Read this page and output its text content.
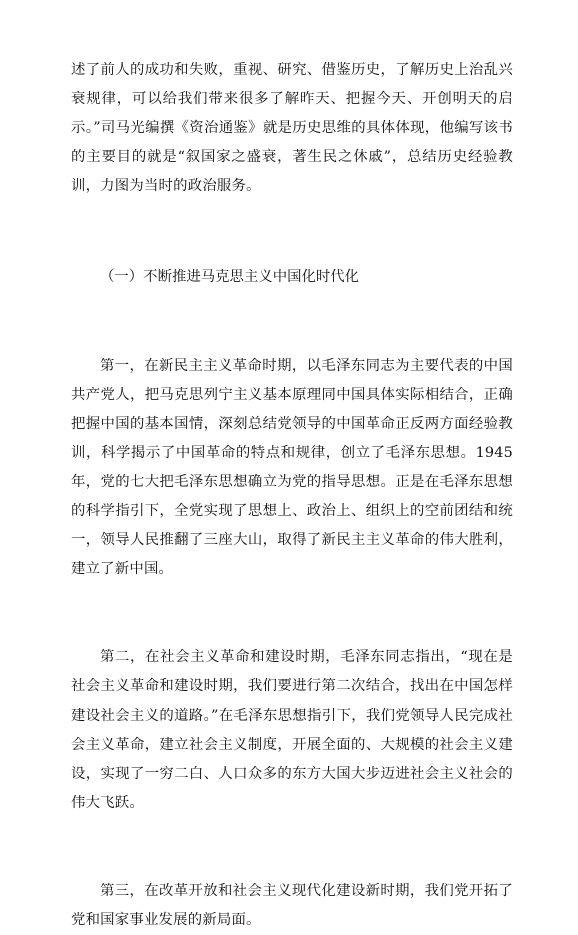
述了前人的成功和失败，重视、研究、借鉴历史，了解历史上治乱兴衰规律，可以给我们带来很多了解昨天、把握今天、开创明天的启示。”司马光编撰《资治通鉴》就是历史思维的具体体现，他编写该书的主要目的就是“叙国家之盛衰，著生民之休戚”，总结历史经验教训，力图为当时的政治服务。

（一）不断推进马克思主义中国化时代化

第一，在新民主主义革命时期，以毛泽东同志为主要代表的中国共产党人，把马克思列宁主义基本原理同中国具体实际相结合，正确把握中国的基本国情，深刻总结党领导的中国革命正反两方面经验教训，科学揭示了中国革命的特点和规律，创立了毛泽东思想。1945 年，党的七大把毛泽东思想确立为党的指导思想。正是在毛泽东思想的科学指引下，全党实现了思想上、政治上、组织上的空前团结和统一，领导人民推翻了三座大山，取得了新民主主义革命的伟大胜利，建立了新中国。

第二，在社会主义革命和建设时期，毛泽东同志指出，“现在是社会主义革命和建设时期，我们要进行第二次结合，找出在中国怎样建设社会主义的道路。”在毛泽东思想指引下，我们党领导人民完成社会主义革命，建立社会主义制度，开展全面的、大规模的社会主义建设，实现了一穷二白、人口众多的东方大国大步迈进社会主义社会的伟大飞跃。

第三，在改革开放和社会主义现代化建设新时期，我们党开拓了党和国家事业发展的新局面。
